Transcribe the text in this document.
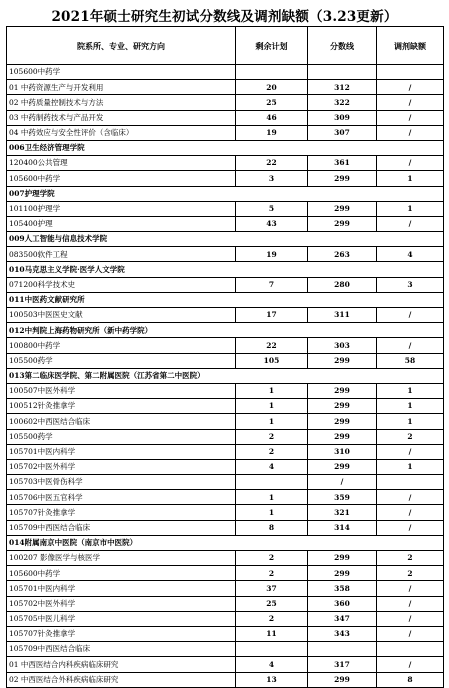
2021年硕士研究生初试分数线及调剂缺额（3.23更新）
院系所、专业、研究方向	剩余计划	分数线	调剂缺额
105600中药学			
01 中药资源生产与开发利用	20	312	/
02 中药质量控制技术与方法	25	322	/
03 中药制药技术与产品开发	46	309	/
04 中药效应与安全性评价（含临床）	19	307	/
006卫生经济管理学院			
120400公共管理	22	361	/
105600中药学	3	299	1
007护理学院			
101100护理学	5	299	1
105400护理	43	299	/
009人工智能与信息技术学院			
083500软件工程	19	263	4
010马克思主义学院·医学人文学院			
071200科学技术史	7	280	3
011中医药文献研究所			
100503中医医史文献	17	311	/
012中判院上海药物研究所（新中药学院）			
100800中药学	22	303	/
105500药学	105	299	58
013第二临床医学院、第二附属医院（江苏省第二中医院）			
100507中医外科学	1	299	1
100512针灸推拿学	1	299	1
100602中西医结合临床	1	299	1
105500药学	2	299	2
105701中医内科学	2	310	/
105702中医外科学	4	299	1
105703中医骨伤科学		/	
105706中医五官科学	1	359	/
105707针灸推拿学	1	321	/
105709中西医结合临床	8	314	/
014附属南京中医院（南京市中医院）			
100207 影像医学与核医学	2	299	2
105600中药学	2	299	2
105701中医内科学	37	358	/
105702中医外科学	25	360	/
105705中医儿科学	2	347	/
105707针灸推拿学	11	343	/
105709中西医结合临床			
01 中西医结合内科疾病临床研究	4	317	/
02 中西医结合外科疾病临床研究	13	299	8
